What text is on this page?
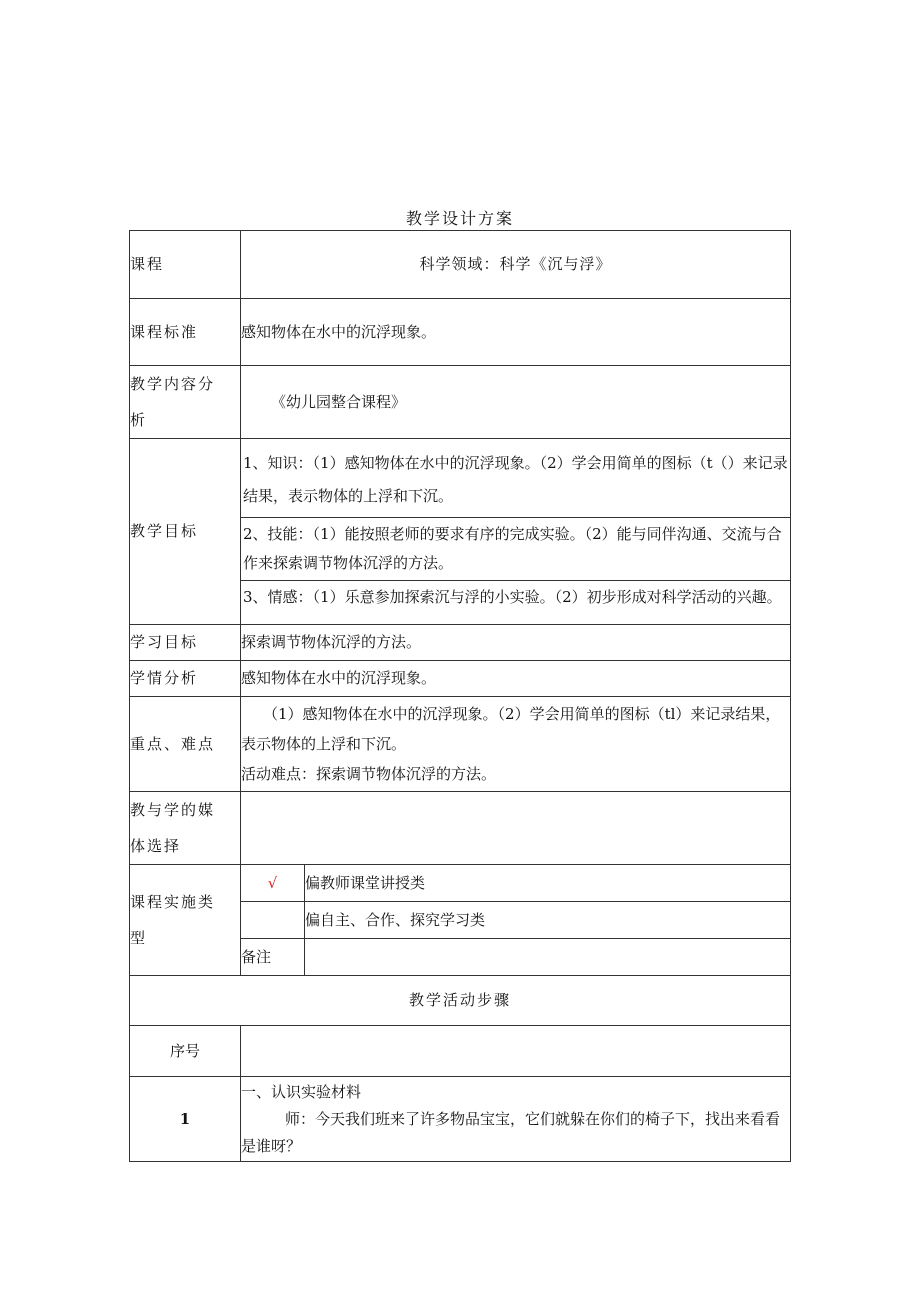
教学设计方案
课程	科学领域：科学《沉与浮》	
课程标准	感知物体在水中的沉浮现象。	

教学内容分
析	《幼儿园整合课程》	
教学目标	1、知识：（1）感知物体在水中的沉浮现象。（2）学会用简单的图标（t（）来记录结果，表示物体的上浮和下沉。
2、技能：（1）能按照老师的要求有序的完成实验。（2）能与同伴沟通、交流与合作来探索调节物体沉浮的方法。
3、情感：（1）乐意参加探索沉与浮的小实验。（2）初步形成对科学活动的兴趣。	

学习目标	探索调节物体沉浮的方法。	
学情分析	感知物体在水中的沉浮现象。	
重点、难点	（1）感知物体在水中的沉浮现象。（2）学会用简单的图标（tl）来记录结果，表示物体的上浮和下沉。
活动难点：探索调节物体沉浮的方法。	

教与学的媒
体选择		

课程实施类
型	√	偏教师课堂讲授类
		偏自主、合作、探究学习类
	备注	
教学活动步骤		
序号		
1	一、认识实验材料
师：今天我们班来了许多物品宝宝，它们就躲在你们的椅子下，找出来看看是谁呀？	
